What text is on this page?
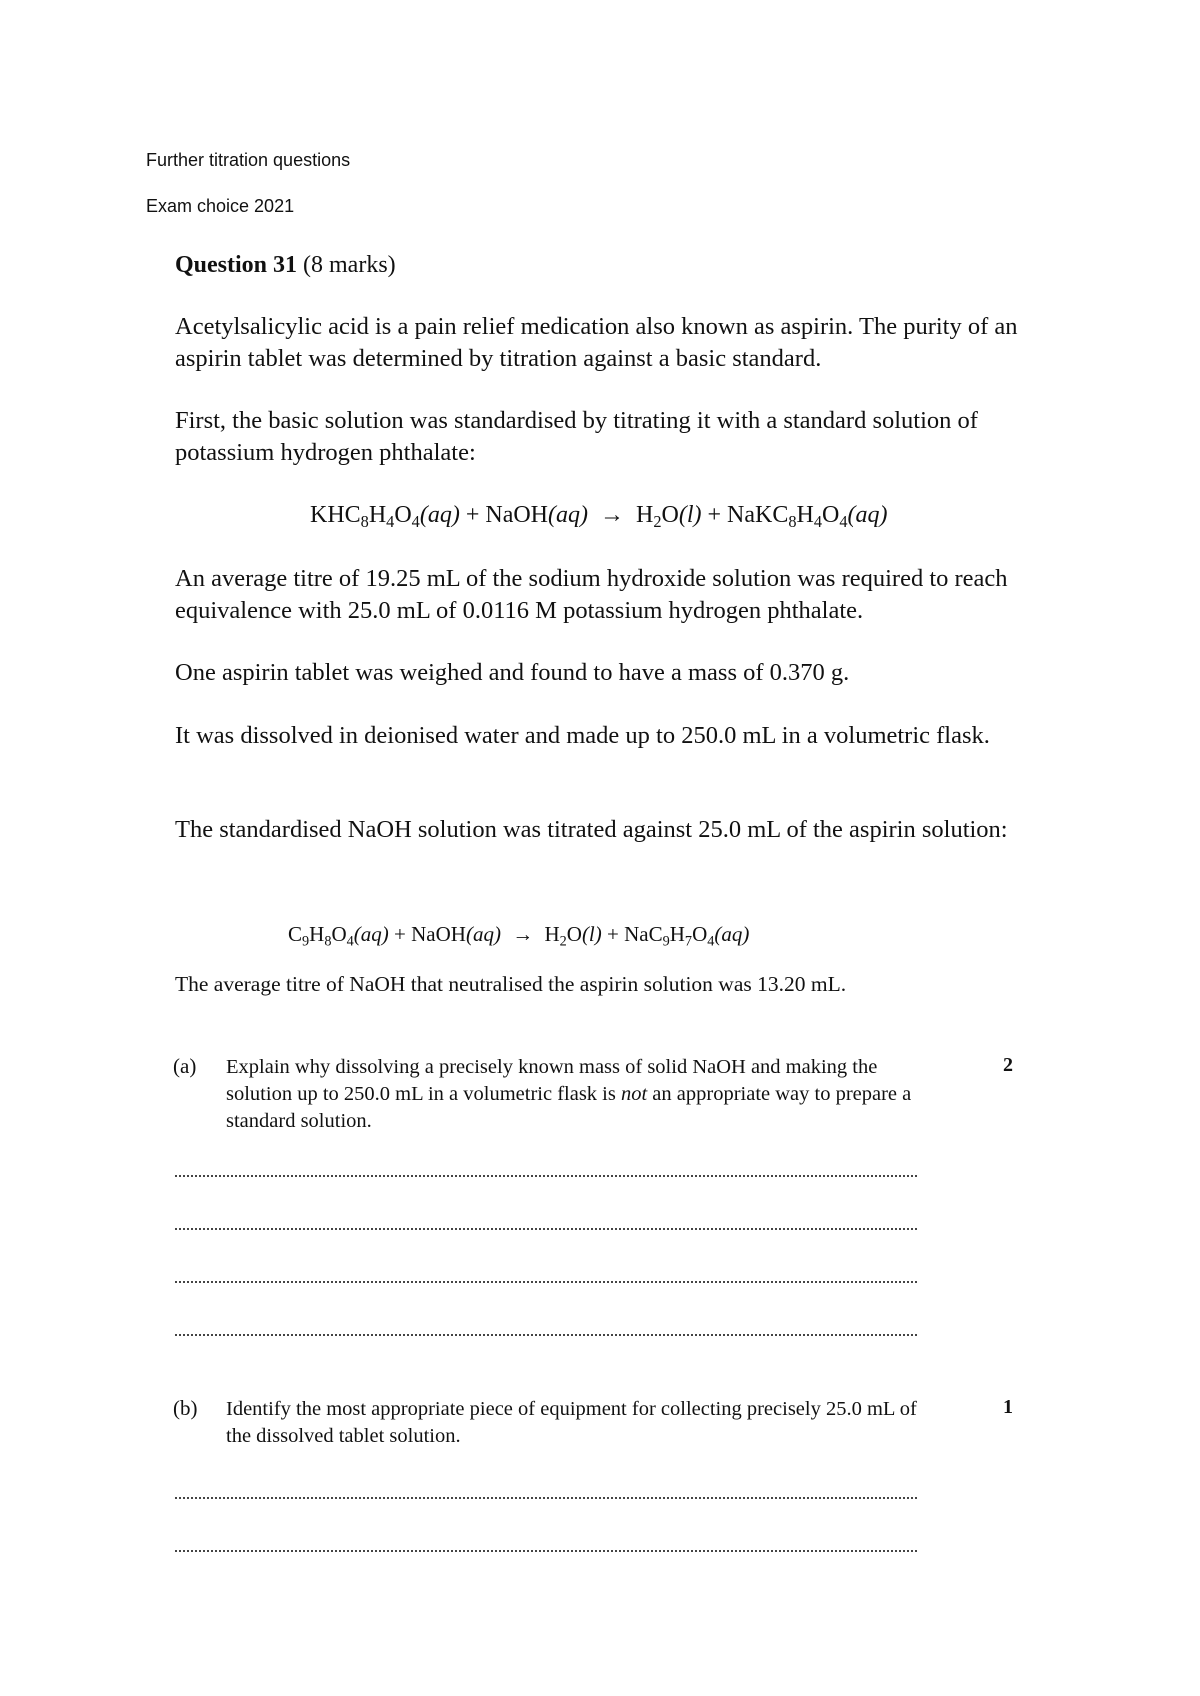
Further titration questions
Exam choice 2021
Question 31 (8 marks)
Acetylsalicylic acid is a pain relief medication also known as aspirin. The purity of an aspirin tablet was determined by titration against a basic standard.
First, the basic solution was standardised by titrating it with a standard solution of potassium hydrogen phthalate:
$KHC_8H_4O_4(aq)$ + NaOH(aq) → $H_2O(l)$ + $NaKC_8H_4O_4(aq)$
An average titre of 19.25 mL of the sodium hydroxide solution was required to reach equivalence with 25.0 mL of 0.0116 M potassium hydrogen phthalate.
One aspirin tablet was weighed and found to have a mass of 0.370 g.
It was dissolved in deionised water and made up to 250.0 mL in a volumetric flask.
The standardised NaOH solution was titrated against 25.0 mL of the aspirin solution:
$C_9H_8O_4(aq)$ + NaOH(aq) → $H_2O(l) + NaC_9H_7O_4(aq)$
The average titre of NaOH that neutralised the aspirin solution was 13.20 mL.
(a) Explain why dissolving a precisely known mass of solid NaOH and making the solution up to 250.0 mL in a volumetric flask is not an appropriate way to prepare a standard solution.
2
(b) Identify the most appropriate piece of equipment for collecting precisely 25.0 mL of the dissolved tablet solution.
1
